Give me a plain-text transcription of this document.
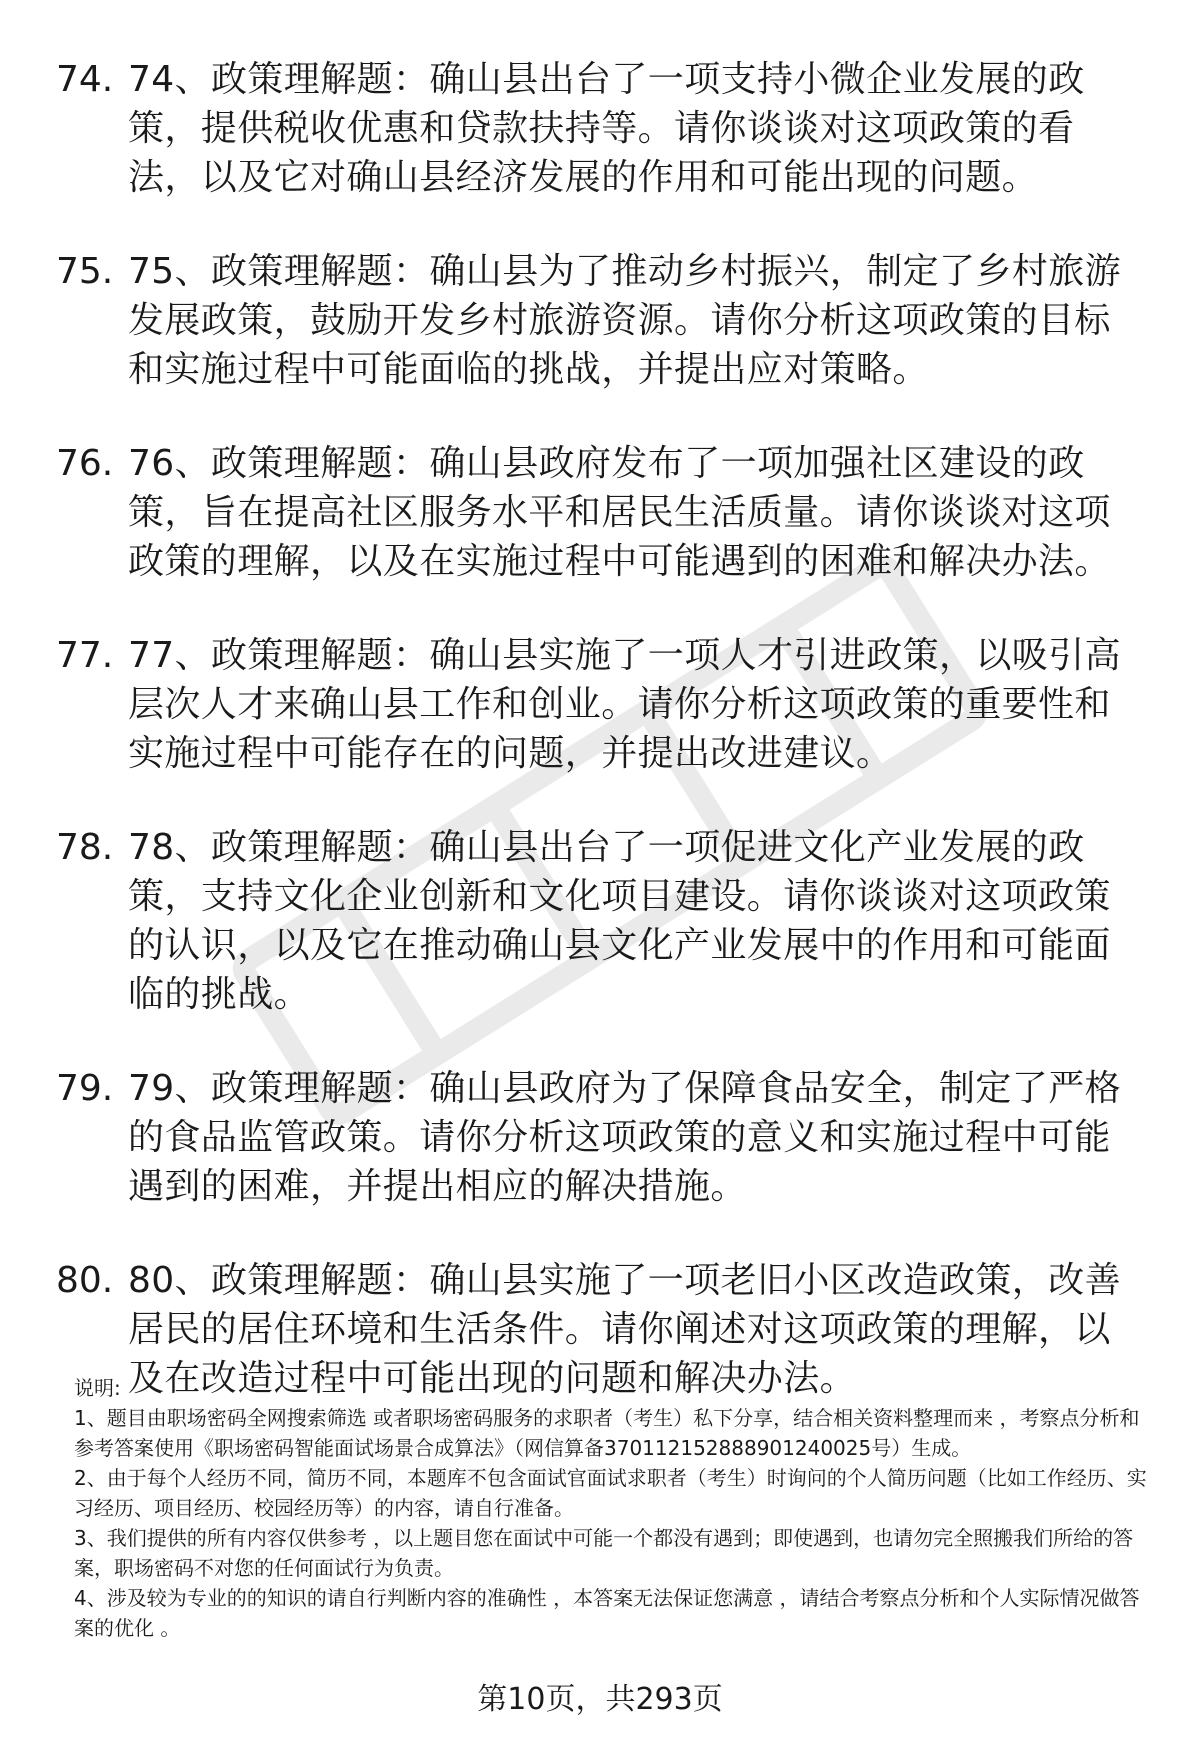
74. 74、政策理解题：确山县出台了一项支持小微企业发展的政策，提供税收优惠和贷款扶持等。请你谈谈对这项政策的看法，以及它对确山县经济发展的作用和可能出现的问题。
75. 75、政策理解题：确山县为了推动乡村振兴，制定了乡村旅游发展政策，鼓励开发乡村旅游资源。请你分析这项政策的目标和实施过程中可能面临的挑战，并提出应对策略。
76. 76、政策理解题：确山县政府发布了一项加强社区建设的政策，旨在提高社区服务水平和居民生活质量。请你谈谈对这项政策的理解，以及在实施过程中可能遇到的困难和解决办法。
77. 77、政策理解题：确山县实施了一项人才引进政策，以吸引高层次人才来确山县工作和创业。请你分析这项政策的重要性和实施过程中可能存在的问题，并提出改进建议。
78. 78、政策理解题：确山县出台了一项促进文化产业发展的政策，支持文化企业创新和文化项目建设。请你谈谈对这项政策的认识，以及它在推动确山县文化产业发展中的作用和可能面临的挑战。
79. 79、政策理解题：确山县政府为了保障食品安全，制定了严格的食品监管政策。请你分析这项政策的意义和实施过程中可能遇到的困难，并提出相应的解决措施。
80. 80、政策理解题：确山县实施了一项老旧小区改造政策，改善居民的居住环境和生活条件。请你阐述对这项政策的理解，以及在改造过程中可能出现的问题和解决办法。

说明:

1、题目由职场密码全网搜索筛选 或者职场密码服务的求职者（考生）私下分享，结合相关资料整理而来 ，考察点分析和参考答案使用《职场密码智能面试场景合成算法》（网信算备370112152888901240025号）生成。

2、由于每个人经历不同，简历不同，本题库不包含面试官面试求职者（考生）时询问的个人简历问题（比如工作经历、实习经历、项目经历、校园经历等）的内容，请自行准备。

3、我们提供的所有内容仅供参考 ，以上题目您在面试中可能一个都没有遇到；即使遇到，也请勿完全照搬我们所给的答案，职场密码不对您的任何面试行为负责。

4、涉及较为专业的的知识的请自行判断内容的准确性 ，本答案无法保证您满意 ，请结合考察点分析和个人实际情况做答案的优化 。

第10页，共293页
